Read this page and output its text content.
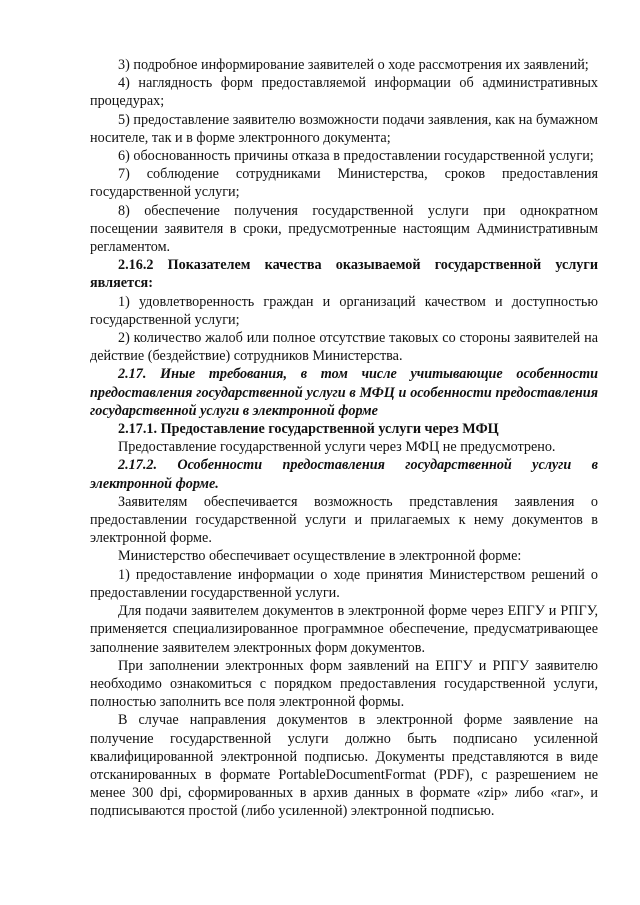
3) подробное информирование заявителей о ходе рассмотрения их заявлений;

4) наглядность форм предоставляемой информации об административных процедурах;

5) предоставление заявителю возможности подачи заявления, как на бумажном носителе, так и в форме электронного документа;

6) обоснованность причины отказа в предоставлении государственной услуги;

7) соблюдение сотрудниками Министерства, сроков предоставления государственной услуги;

8) обеспечение получения государственной услуги при однократном посещении заявителя в сроки, предусмотренные настоящим Административным регламентом.

2.16.2 Показателем качества оказываемой государственной услуги является:

1) удовлетворенность граждан и организаций качеством и доступностью государственной услуги;

2) количество жалоб или полное отсутствие таковых со стороны заявителей на действие (бездействие) сотрудников Министерства.

2.17. Иные требования, в том числе учитывающие особенности предоставления государственной услуги в МФЦ и особенности предоставления государственной услуги в электронной форме

2.17.1. Предоставление государственной услуги через МФЦ

Предоставление государственной услуги через МФЦ не предусмотрено.

2.17.2. Особенности предоставления государственной услуги в электронной форме.

Заявителям обеспечивается возможность представления заявления о предоставлении государственной услуги и прилагаемых к нему документов в электронной форме.

Министерство обеспечивает осуществление в электронной форме:

1) предоставление информации о ходе принятия Министерством решений о предоставлении государственной услуги.

Для подачи заявителем документов в электронной форме через ЕПГУ и РПГУ, применяется специализированное программное обеспечение, предусматривающее заполнение заявителем электронных форм документов.

При заполнении электронных форм заявлений на ЕПГУ и РПГУ заявителю необходимо ознакомиться с порядком предоставления государственной услуги, полностью заполнить все поля электронной формы.

В случае направления документов в электронной форме заявление на получение государственной услуги должно быть подписано усиленной квалифицированной электронной подписью. Документы представляются в виде отсканированных в формате PortableDocumentFormat (PDF), с разрешением не менее 300 dpi, сформированных в архив данных в формате «zip» либо «rar», и подписываются простой (либо усиленной) электронной подписью.
